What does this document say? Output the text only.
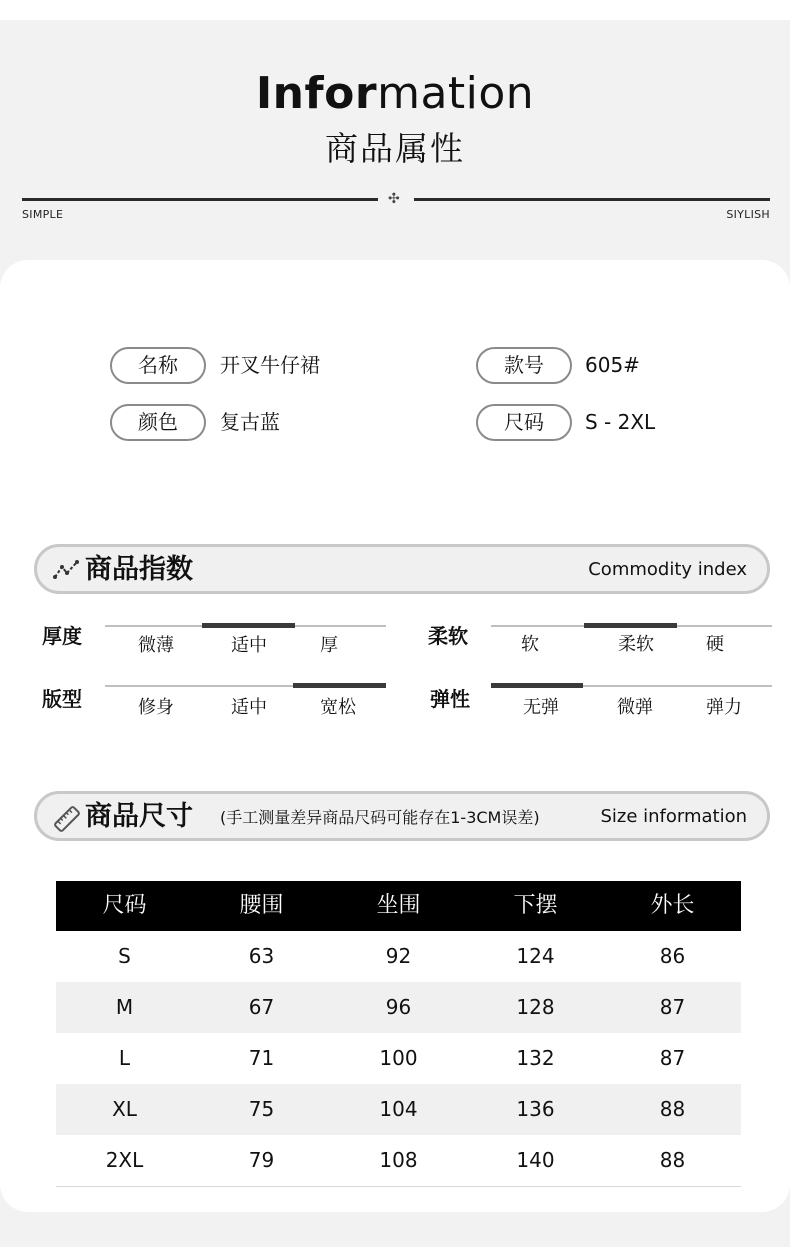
Information
商品属性
✣
SIMPLE	SIYLISH
名称	开叉牛仔裙	款号	605#
颜色	复古蓝	尺码	S - 2XL
商品指数	Commodity index
厚度	微薄	适中	厚	柔软	软	柔软	硬
版型	修身	适中	宽松	弹性	无弹	微弹	弹力
商品尺寸 (手工测量差异商品尺码可能存在1-3CM误差)	Size information
尺码	腰围	坐围	下摆	外长
S	63	92	124	86
M	67	96	128	87
L	71	100	132	87
XL	75	104	136	88
2XL	79	108	140	88
